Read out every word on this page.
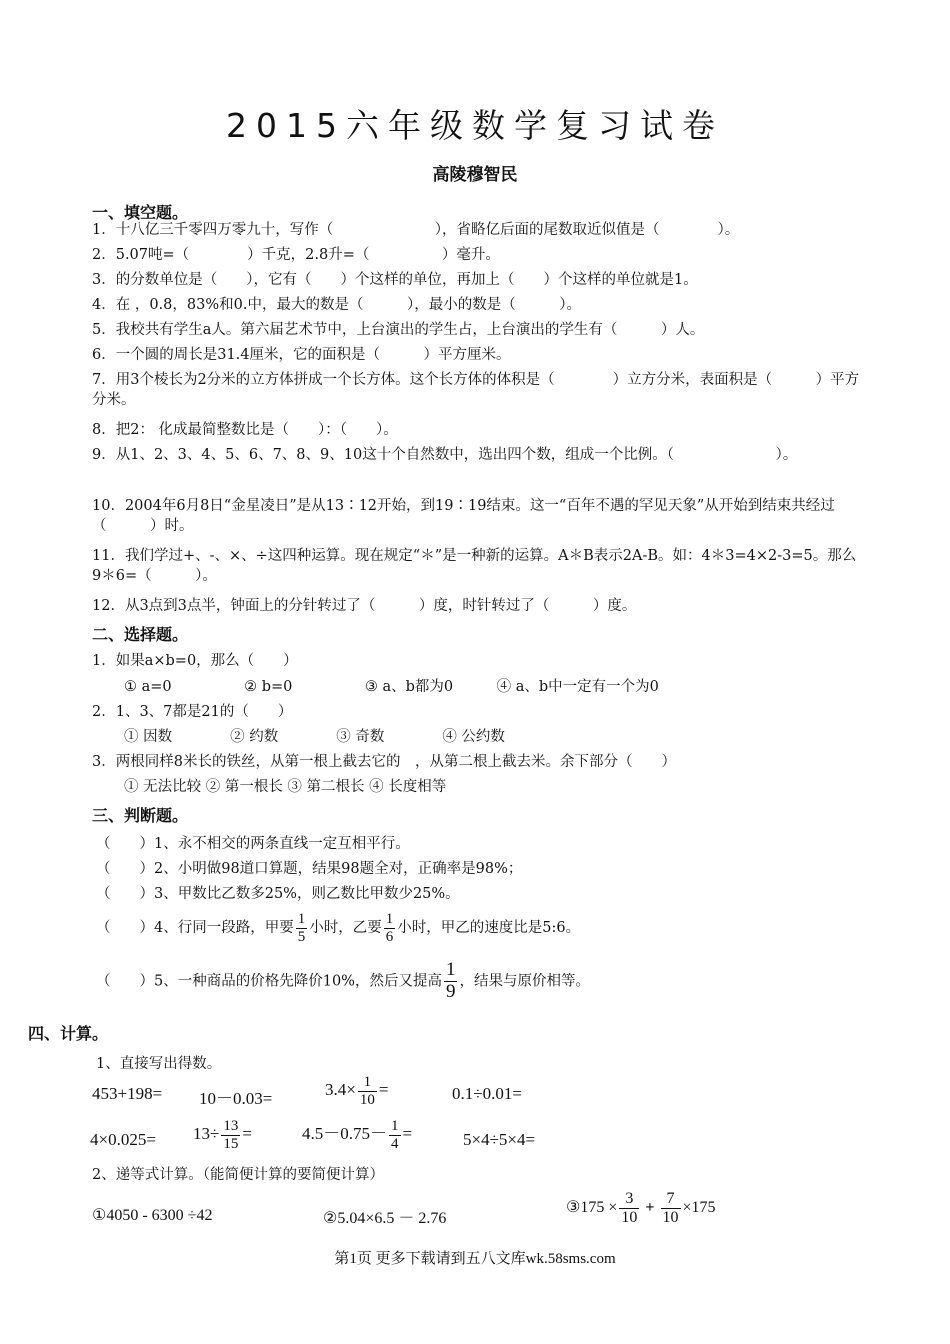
2015六年级数学复习试卷
高陵穆智民
一、填空题。
1．十八亿三千零四万零九十，写作（　　　　　　　），省略亿后面的尾数取近似值是（　　　　）。
2．5.07吨=（　　　　）千克，2.8升=（　　　　　）毫升。
3．的分数单位是（　　），它有（　　）个这样的单位，再加上（　　）个这样的单位就是1。
4．在 ，0.8，83%和0.中，最大的数是（　　　），最小的数是（　　　）。
5．我校共有学生a人。第六届艺术节中，上台演出的学生占，上台演出的学生有（　　　）人。
6．一个圆的周长是31.4厘米，它的面积是（　　　）平方厘米。
7．用3个棱长为2分米的立方体拼成一个长方体。这个长方体的体积是（　　　　）立方分米，表面积是（　　　）平方分米。
8．把2： 化成最简整数比是（　　）：（　　）。
9．从1、2、3、4、5、6、7、8、9、10这十个自然数中，选出四个数，组成一个比例。（　　　　　　　）。
10．2004年6月8日“金星凌日”是从13∶12开始，到19∶19结束。这一“百年不遇的罕见天象”从开始到结束共经过（　　　）时。
11．我们学过+、-、×、÷这四种运算。现在规定“＊”是一种新的运算。A＊B表示2A-B。如：4＊3=4×2-3=5。那么9＊6=（　　　）。
12．从3点到3点半，钟面上的分针转过了（　　　）度，时针转过了（　　　）度。
二、选择题。
1．如果a×b=0，那么（　　）
① a=0　　　　　② b=0　　　　　③ a、b都为0　　　④ a、b中一定有一个为0
2．1、3、7都是21的（　　）
① 因数　　　　② 约数　　　　③ 奇数　　　　④ 公约数
3．两根同样8米长的铁丝，从第一根上截去它的　，从第二根上截去米。余下部分（　　）
① 无法比较 ② 第一根长 ③ 第二根长 ④ 长度相等
三、判断题。
（　　）1、永不相交的两条直线一定互相平行。
（　　）2、小明做98道口算题，结果98题全对，正确率是98%；
（　　）3、甲数比乙数多25%，则乙数比甲数少25%。
（　　）4、行同一段路，甲要 $\frac{1}{5}$ 小时，乙要 $\frac{1}{6}$ 小时，甲乙的速度比是5:6。
（　　）5、一种商品的价格先降价10%，然后又提高 $\frac{1}{9}$ ，结果与原价相等。
四、计算。
1、直接写出得数。
453+198= 10－0.03=	$3.4\times \frac{1}{10}$ =	0.1÷0.01=
$4\times 0.025= 13\div \frac{13}{15}$ =	$4.5-0.75- \frac{1}{4}$ =	5×4÷5×4=
2、递等式计算。（能简便计算的要简便计算）
①4050 - 6300 ÷42	②5.04×6.5 － 2.76
③175 × $\frac{3}{10} + \frac{7}{10} \times 175$
第1页 更多下载请到五八文库wk.58sms.com
